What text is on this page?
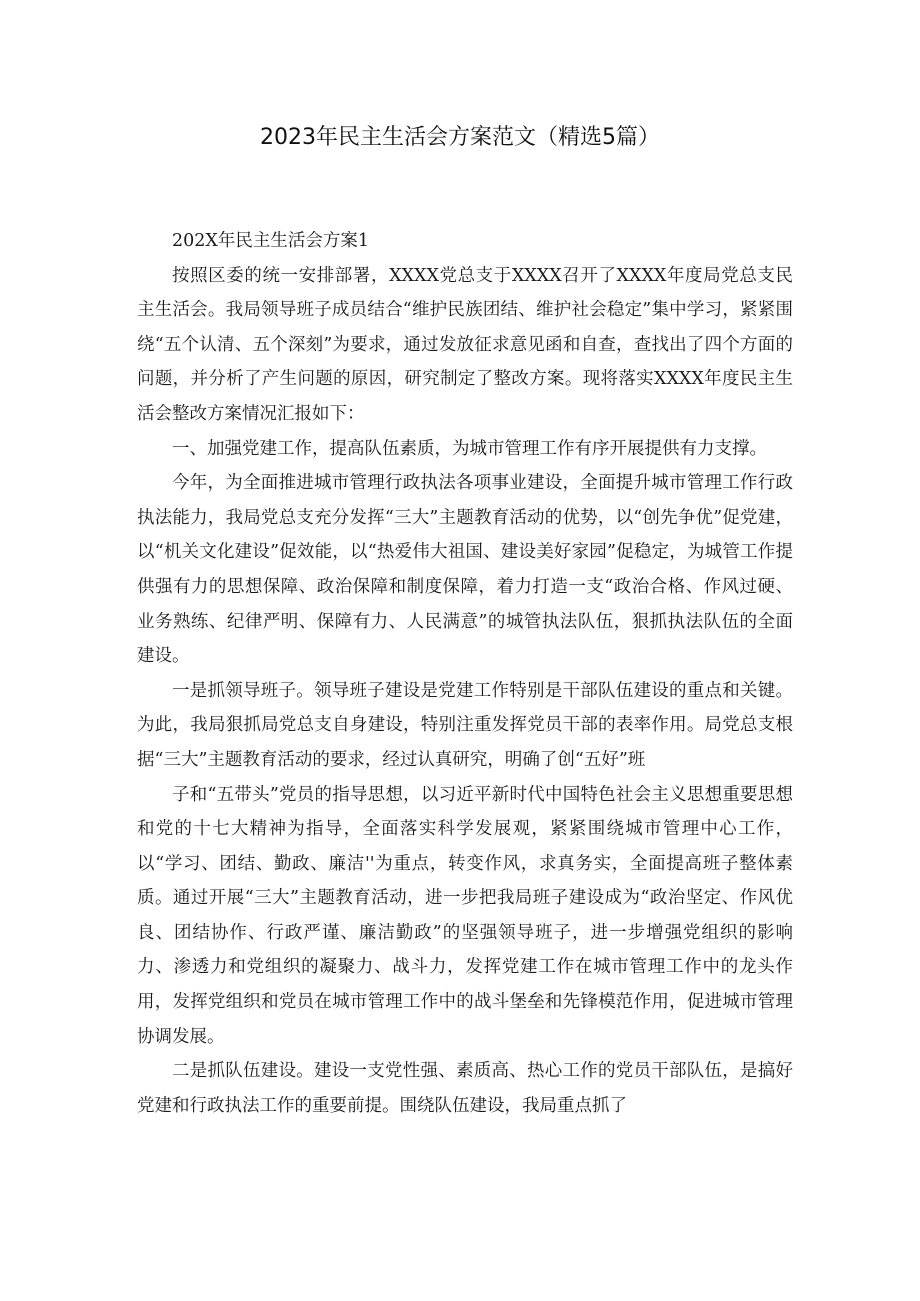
2023年民主生活会方案范文（精选5篇）

202X年民主生活会方案1

按照区委的统一安排部署，XXXX党总支于XXXX召开了XXXX年度局党总支民主生活会。我局领导班子成员结合“维护民族团结、维护社会稳定”集中学习，紧紧围绕“五个认清、五个深刻”为要求，通过发放征求意见函和自查，查找出了四个方面的问题，并分析了产生问题的原因，研究制定了整改方案。现将落实XXXX年度民主生活会整改方案情况汇报如下：

一、加强党建工作，提高队伍素质，为城市管理工作有序开展提供有力支撑。

今年，为全面推进城市管理行政执法各项事业建设，全面提升城市管理工作行政执法能力，我局党总支充分发挥“三大”主题教育活动的优势，以“创先争优”促党建，以“机关文化建设”促效能，以“热爱伟大祖国、建设美好家园”促稳定，为城管工作提供强有力的思想保障、政治保障和制度保障，着力打造一支“政治合格、作风过硬、业务熟练、纪律严明、保障有力、人民满意”的城管执法队伍，狠抓执法队伍的全面建设。

一是抓领导班子。领导班子建设是党建工作特别是干部队伍建设的重点和关键。为此，我局狠抓局党总支自身建设，特别注重发挥党员干部的表率作用。局党总支根据“三大”主题教育活动的要求，经过认真研究，明确了创“五好”班

子和“五带头”党员的指导思想，以习近平新时代中国特色社会主义思想重要思想和党的十七大精神为指导，全面落实科学发展观，紧紧围绕城市管理中心工作，以“学习、团结、勤政、廉洁''为重点，转变作风，求真务实，全面提高班子整体素质。通过开展“三大”主题教育活动，进一步把我局班子建设成为“政治坚定、作风优良、团结协作、行政严谨、廉洁勤政”的坚强领导班子，进一步增强党组织的影响力、渗透力和党组织的凝聚力、战斗力，发挥党建工作在城市管理工作中的龙头作用，发挥党组织和党员在城市管理工作中的战斗堡垒和先锋模范作用，促进城市管理协调发展。

二是抓队伍建设。建设一支党性强、素质高、热心工作的党员干部队伍，是搞好党建和行政执法工作的重要前提。围绕队伍建设，我局重点抓了
